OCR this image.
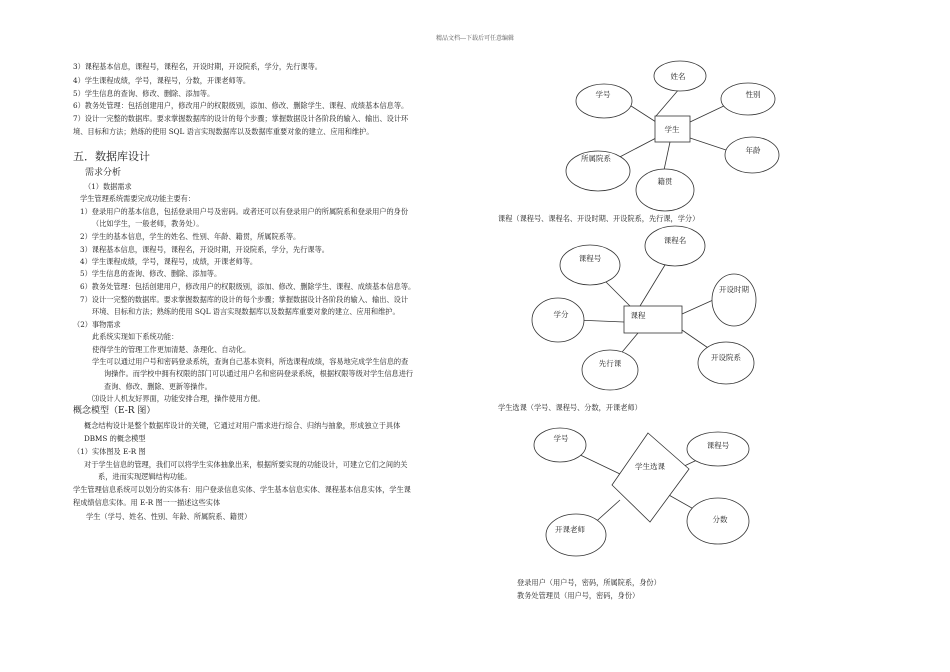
精品文档---下载后可任意编辑
3）课程基本信息，课程号，课程名，开设时期，开设院系，学分，先行课等。
4）学生课程成绩，学号，课程号，分数，开课老师等。
5）学生信息的查询、修改、删除、添加等。
6）教务处管理：包括创建用户，修改用户的权限级别，添加、修改、删除学生、课程、成绩基本信息等。
7）设计一完整的数据库。要求掌握数据库的设计的每个步骤；掌握数据设计各阶段的输入、输出、设计环
境、目标和方法；熟练的使用 SQL 语言实现数据库以及数据库重要对象的建立、应用和维护。
五．数据库设计
需求分析
（1）数据需求
学生管理系统需要完成功能主要有：
1）登录用户的基本信息，包括登录用户号及密码。或者还可以有登录用户的所属院系和登录用户的身份
（比如学生，一般老师，教务处）。
2）学生的基本信息，学生的姓名、性别、年龄、籍贯，所属院系等。
3）课程基本信息，课程号，课程名，开设时期，开设院系，学分，先行课等。
4）学生课程成绩，学号，课程号，成绩，开课老师等。
5）学生信息的查询、修改、删除、添加等。
6）教务处管理：包括创建用户，修改用户的权限级别，添加、修改、删除学生、课程、成绩基本信息等。
7）设计一完整的数据库。要求掌握数据库的设计的每个步骤；掌握数据设计各阶段的输入、输出、设计
环境、目标和方法；熟练的使用 SQL 语言实现数据库以及数据库重要对象的建立、应用和维护。
（2）事物需求
此系统实现如下系统功能：
使得学生的管理工作更加清楚、条理化、自动化。
学生可以通过用户号和密码登录系统，查询自己基本资料，所选课程成绩，容易地完成学生信息的查
询操作。而学校中拥有权限的部门可以通过用户名和密码登录系统，根据权限等级对学生信息进行
查询、修改、删除、更新等操作。
⑶设计人机友好界面，功能安排合理，操作使用方便。
概念模型（E-R 图）
概念结构设计是整个数据库设计的关键，它通过对用户需求进行综合、归纳与抽象，形成独立于具体
DBMS 的概念模型
（1）实体图及 E-R 图
对于学生信息的管理，我们可以将学生实体抽象出来，根据所要实现的功能设计，可建立它们之间的关
系，进而实现逻辑结构功能。
学生管理信息系统可以划分的实体有：用户登录信息实体、学生基本信息实体、课程基本信息实体，学生课
程成绩信息实体。用 E-R 图一一描述这些实体
学生（学号、姓名、性别、年龄、所属院系、籍贯）
学生
姓名
学号	性别
所属院系
年龄
籍贯
课程
课程名
课程号
开设时期
学分
开设院系
先行课
学生选课
学号
课程号
分数
开课老师
课程（课程号、课程名、开设时期、开设院系，先行课，学分）
学生选课（学号、课程号、分数，开课老师）
登录用户（用户号，密码，所属院系，身份）
教务处管理员（用户号，密码，身份）
